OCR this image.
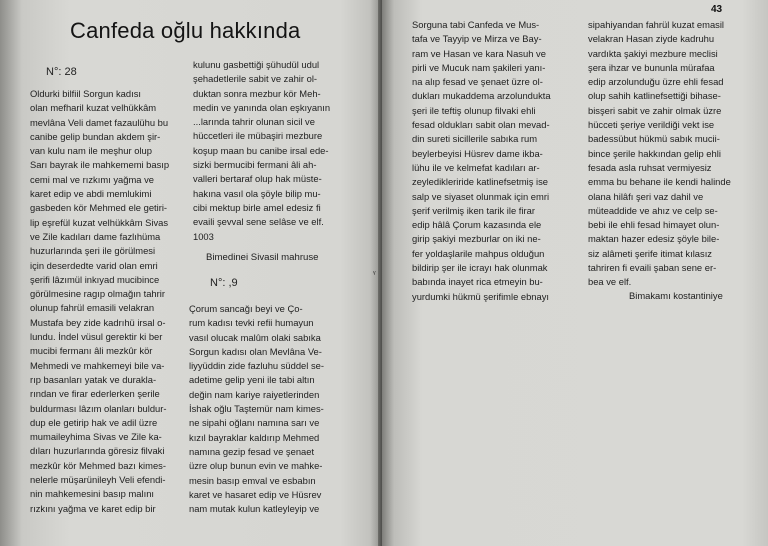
Canfeda oğlu hakkında
N°: 28
Oldurki bilfiil Sorgun kadısı
olan mefharil kuzat velhükkâm
mevlâna Veli damet fazaulühu bu
canibe gelip bundan akdem şir-
van kulu nam ile meşhur olup
Sarı bayrak ile mahkememi basıp
cemi mal ve rızkımı yağma ve
karet edip ve abdi memlukimi
gasbeden kör Mehmed ele getiri-
lip eşrefül kuzat velhükkâm Sivas
ve Zile kadıları dame fazlıhüma
huzurlarında şeri ile görülmesi
için deserdedte varid olan emri
şerifi lâzımül inkıyad mucibince
görülmesine ragıp olmağın tahrir
olunup fahrül emasili velakran
Mustafa bey zide kadrıhü irsal o-
lundu. İndel vüsul gerektir ki ber
mucibi fermanı âli mezkûr kör
Mehmedi ve mahkemeyi bile va-
rıp basanları yatak ve durakla-
rından ve firar ederlerken şerile
buldurması lâzım olanları buldur-
dup ele getirip hak ve adil üzre
mumaileyhima Sivas ve Zile ka-
dıları huzurlarında göresiz filvaki
mezkûr kör Mehmed bazı kimes-
nelerle müşarünileyh Veli efendi-
nin mahkemesini basıp malını
rızkını yağma ve karet edip bir
kulunu gasbettiği şühudül udul
şehadetlerile sabit ve zahir ol-
duktan sonra mezbur kör Meh-
medin ve yanında olan eşkıyanın
...larında tahrir olunan sicil ve
hüccetleri ile mübaşiri mezbure
koşup maan bu canibe irsal ede-
sizki bermucibi fermani âli ah-
valleri bertaraf olup hak müste-
hakına vasıl ola şöyle bilip mu-
cibi mektup birle amel edesiz fi
evaili şevval sene selâse ve elf.
1003
Bimedinei Sivasil mahruse
N°: ,9
Çorum sancağı beyi ve Ço-
rum kadısı tevki refii humayun
vasıl olucak malûm olaki sabıka
Sorgun kadısı olan Mevlâna Ve-
liyyüddin zide fazluhu süddel se-
adetime gelip yeni ile tabi altın
değin nam kariye raiyetlerinden
İshak oğlu Taştemür nam kimes-
ne sipahi oğlanı namına sarı ve
kızıl bayraklar kaldırıp Mehmed
namına gezip fesad ve şenaet
üzre olup bunun evin ve mahke-
mesin basıp emval ve esbabın
karet ve hasaret edip ve Hüsrev
nam mutak kulun katleyleyip ve
Sorguna tabi Canfeda ve Mus-
tafa ve Tayyip ve Mirza ve Bay-
ram ve Hasan ve kara Nasuh ve
pirli ve Mucuk nam şakileri yanı-
na alıp fesad ve şenaet üzre ol-
dukları mukaddema arzolundukta
şeri ile teftiş olunup filvaki ehli
fesad oldukları sabit olan mevad-
din sureti sicillerile sabıka rum
beylerbeyisi Hüsrev dame ikba-
lühu ile ve kelmefat kadıları ar-
zeyledikleriride katlinefsetmiş ise
salp ve siyaset olunmak için emri
şerif verilmiş iken tarik ile firar
edip hâlâ Çorum kazasında ele
girip şakiyi mezburlar on iki ne-
fer yoldaşlarile mahpus olduğun
bildirip şer ile icrayı hak olunmak
babında inayet rica etmeyin bu-
yurdumki hükmü şerifimle ebnayı
sipahiyandan fahrül kuzat emasil
velakran Hasan ziyde kadruhu
vardıkta şakiyi mezbure meclisi
şera ihzar ve bununla mürafaa
edip arzolunduğu üzre ehli fesad
olup sahih katlinefsettiği bihase-
bisşeri sabit ve zahir olmak üzre
hücceti şeriye verildiği vekt ise
badessübut hükmü sabık mucii-
bince şerile hakkından gelip ehli
fesada asla ruhsat vermiyesiz
emma bu behane ile kendi halinde
olana hilâfı şeri vaz dahil ve
müteaddide ve ahız ve celp se-
bebi ile ehli fesad himayet olun-
maktan hazer edesiz şöyle bile-
siz alâmeti şerife itimat kılasız
tahriren fi evaili şaban sene er-
bea ve elf.
Bimakamı kostantiniye
43
ᵞ
